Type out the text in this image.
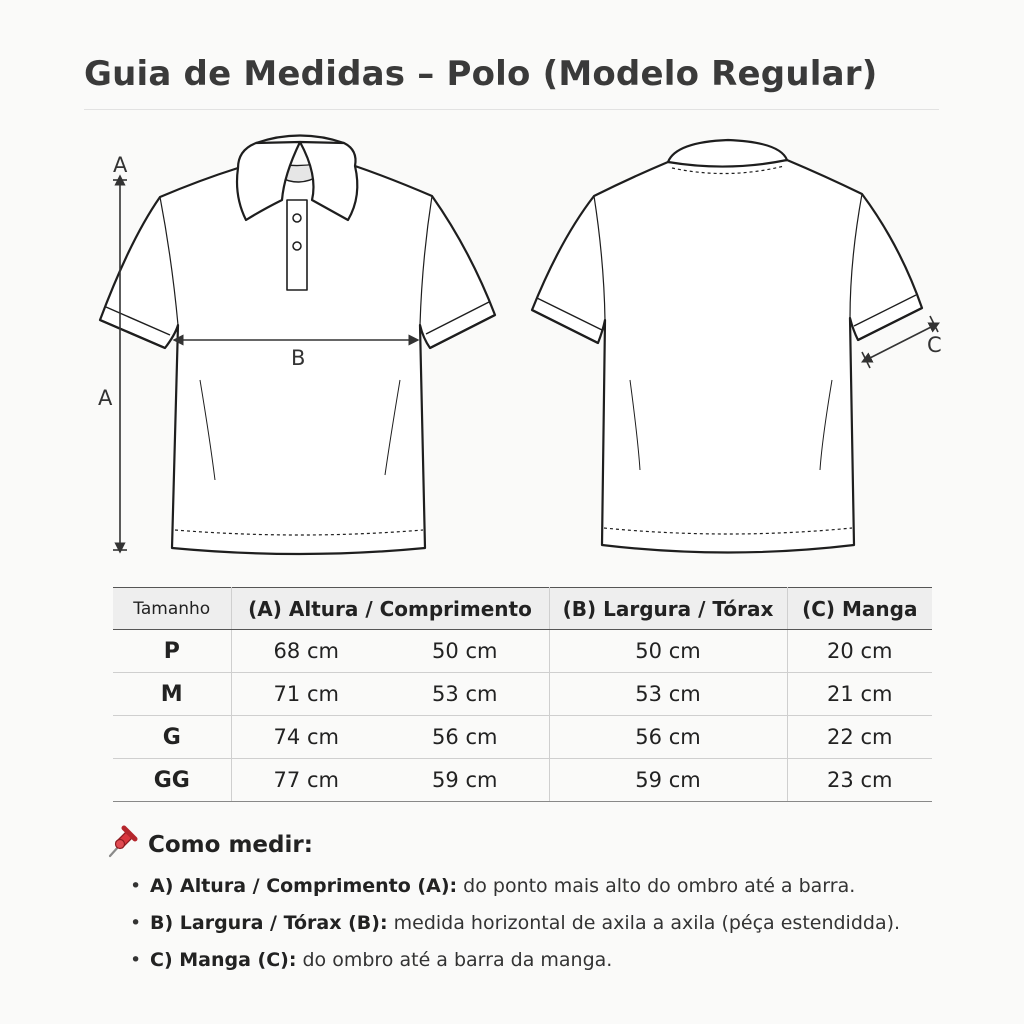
Guia de Medidas – Polo (Modelo Regular)
A
A
B
C
Tamanho	(A) Altura / Comprimento		(B) Largura / Tórax	(C) Manga
P	68 cm	50 cm	50 cm	20 cm
M	71 cm	53 cm	53 cm	21 cm
G	74 cm	56 cm	56 cm	22 cm
GG	77 cm	59 cm	59 cm	23 cm
Como medir:
• A) Altura / Comprimento (A): do ponto mais alto do ombro até a barra.
• B) Largura / Tórax (B): medida horizontal de axila a axila (péça estendidda).
• C) Manga (C): do ombro até a barra da manga.
